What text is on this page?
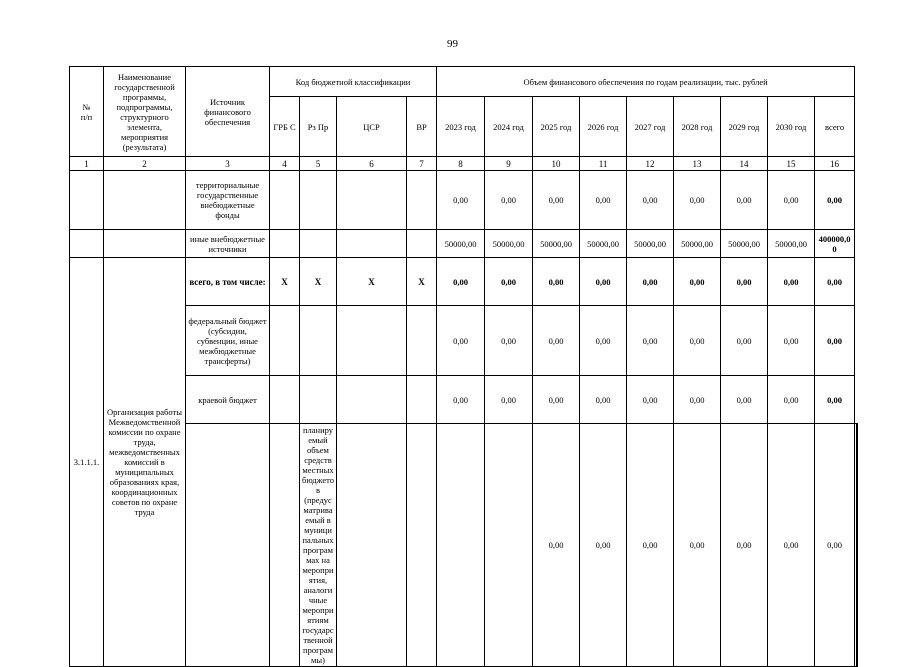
99
№
п/п	Наименование государственной программы, подпрограммы, структурного элемента, мероприятия (результата)	Источник финансового обеспечения	Код бюджетной классификации				Объем финансового обеспечения по годам реализации, тыс. рублей										
			ГРБ С	Рз Пр	ЦСР	ВР	2023 год	2024 год	2025 год	2026 год	2027 год	2028 год	2029 год	2030 год	всего		
1	2	3	4	5	6	7	8	9	10	11	12	13	14	15	16		
		территориальные государственные внебюджетные фонды					0,00	0,00	0,00	0,00	0,00	0,00	0,00	0,00	0,00		
		иные внебюджетные источники					50000,00	50000,00	50000,00	50000,00	50000,00	50000,00	50000,00	50000,00	400000,00		
3.1.1.1.	Организация работы Межведомственной комиссии по охране труда, межведомственных комиссий в муниципальных образованиях края, координационных советов по охране труда	всего, в том числе:	X	X	X	X	0,00	0,00	0,00	0,00	0,00	0,00	0,00	0,00	0,00		
		федеральный бюджет (субсидии, субвенции, иные межбюджетные трансферты)					0,00	0,00	0,00	0,00	0,00	0,00	0,00	0,00	0,00		
		краевой бюджет					0,00	0,00	0,00	0,00	0,00	0,00	0,00	0,00	0,00		
				планируемый объем средств местных бюджетов (предусматриваемый в муниципальных программах на мероприятия, аналогичные мероприятиям государственной программы)					0,00	0,00	0,00	0,00	0,00	0,00	0,00		
